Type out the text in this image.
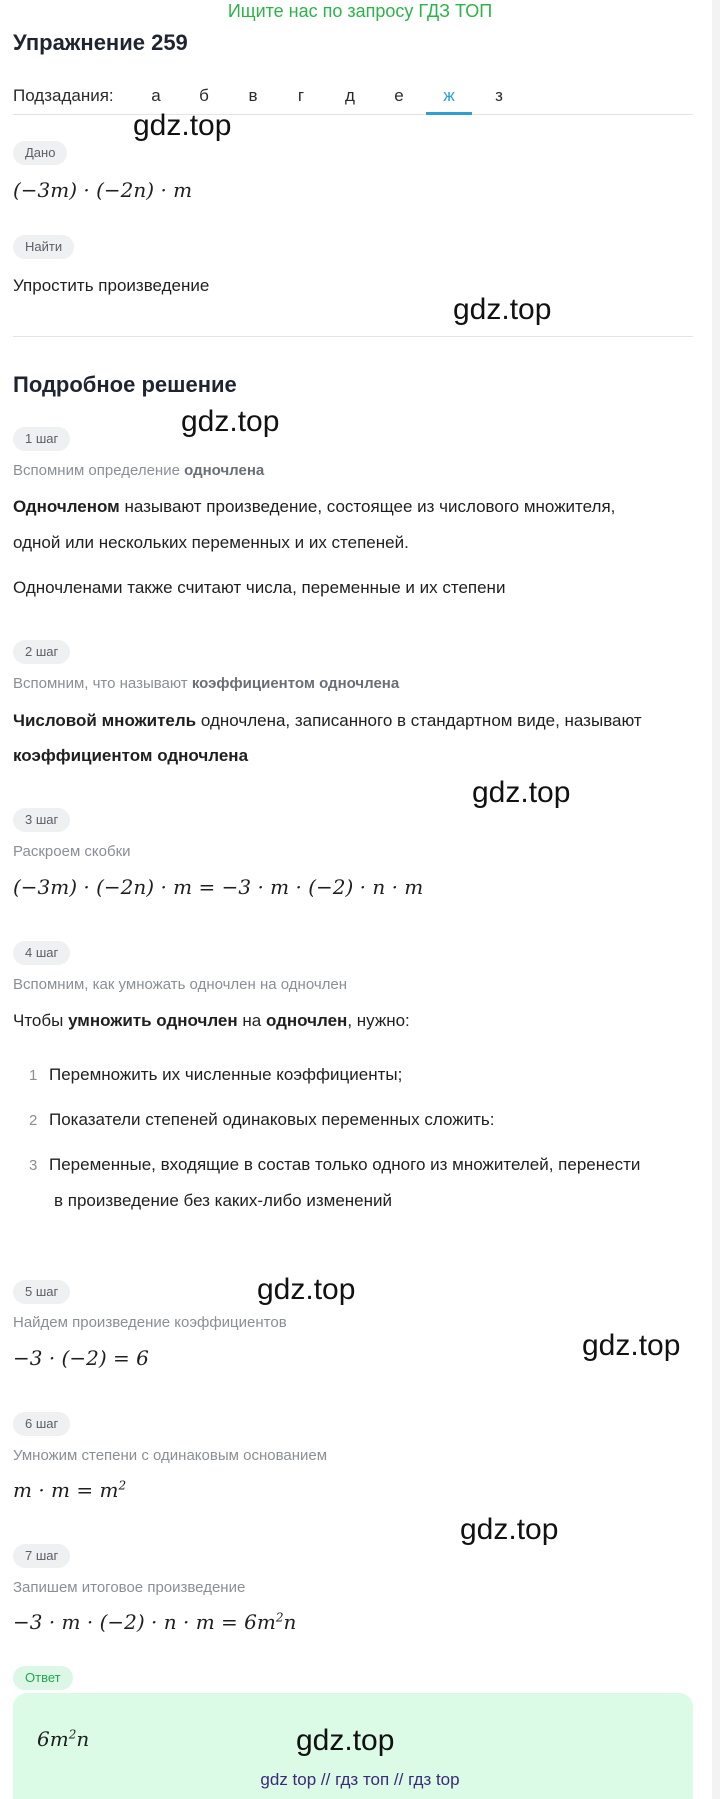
Ищите нас по запросу ГДЗ ТОП
Упражнение 259
Подзадания:	а	б	в	г	д	е	ж	з
Дано
(−3m) · (−2n) · m
Найти
Упростить произведение
Подробное решение
1 шаг
Вспомним определение одночлена
Одночленом называют произведение, состоящее из числового множителя,
одной или нескольких переменных и их степеней.
Одночленами также считают числа, переменные и их степени
2 шаг
Вспомним, что называют коэффициентом одночлена
Числовой множитель одночлена, записанного в стандартном виде, называют
коэффициентом одночлена
3 шаг
Раскроем скобки
(−3m) · (−2n) · m = −3 · m · (−2) · n · m
4 шаг
Вспомним, как умножать одночлен на одночлен
Чтобы умножить одночлен на одночлен, нужно:
1 Перемножить их численные коэффициенты;
2 Показатели степеней одинаковых переменных сложить:
3 Переменные, входящие в состав только одного из множителей, перенести
в произведение без каких-либо изменений
5 шаг
Найдем произведение коэффициентов
−3 · (−2) = 6
6 шаг
Умножим степени с одинаковым основанием
$m \cdot m = m^2$
7 шаг
Запишем итоговое произведение
$-3 \cdot m \cdot (-2) \cdot n \cdot m = 6m^2n$
Ответ
$6m^2n$
gdz.top
gdz.top
gdz.top
gdz.top
gdz.top
gdz.top
gdz.top
gdz.top
gdz top // гдз топ // гдз top
